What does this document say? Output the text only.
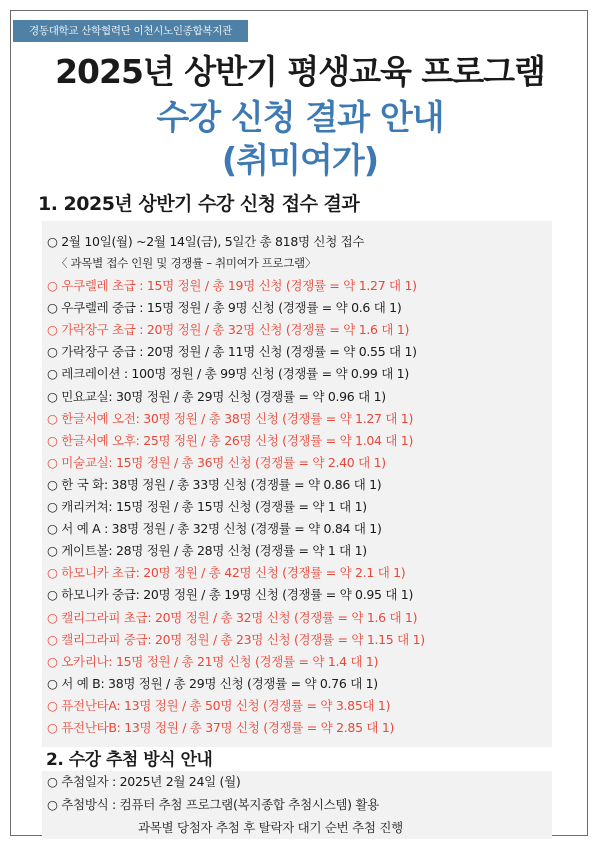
경동대학교 산학협력단 이천시노인종합복지관
2025년 상반기 평생교육 프로그램
수강 신청 결과 안내
(취미여가)
1. 2025년 상반기 수강 신청 접수 결과
○ 2월 10일(월) ~2월 14일(금), 5일간 총 818명 신청 접수
〈 과목별 접수 인원 및 경쟁률 – 취미여가 프로그램〉
○ 우쿠렐레 초급 : 15명 정원 / 총 19명 신청 (경쟁률 = 약 1.27 대 1)
○ 우쿠렐레 중급 : 15명 정원 / 총 9명 신청 (경쟁률 = 약 0.6 대 1)
○ 가락장구 초급 : 20명 정원 / 총 32명 신청 (경쟁률 = 약 1.6 대 1)
○ 가락장구 중급 : 20명 정원 / 총 11명 신청 (경쟁률 = 약 0.55 대 1)
○ 레크레이션 : 100명 정원 / 총 99명 신청 (경쟁률 = 약 0.99 대 1)
○ 민요교실: 30명 정원 / 총 29명 신청 (경쟁률 = 약 0.96 대 1)
○ 한글서예 오전: 30명 정원 / 총 38명 신청 (경쟁률 = 약 1.27 대 1)
○ 한글서예 오후: 25명 정원 / 총 26명 신청 (경쟁률 = 약 1.04 대 1)
○ 미술교실: 15명 정원 / 총 36명 신청 (경쟁률 = 약 2.40 대 1)
○ 한 국 화: 38명 정원 / 총 33명 신청 (경쟁률 = 약 0.86 대 1)
○ 캐리커쳐: 15명 정원 / 총 15명 신청 (경쟁률 = 약 1 대 1)
○ 서 예 A : 38명 정원 / 총 32명 신청 (경쟁률 = 약 0.84 대 1)
○ 게이트볼: 28명 정원 / 총 28명 신청 (경쟁률 = 약 1 대 1)
○ 하모니카 초급: 20명 정원 / 총 42명 신청 (경쟁률 = 약 2.1 대 1)
○ 하모니카 중급: 20명 정원 / 총 19명 신청 (경쟁률 = 약 0.95 대 1)
○ 캘리그라피 초급: 20명 정원 / 총 32명 신청 (경쟁률 = 약 1.6 대 1)
○ 캘리그라피 중급: 20명 정원 / 총 23명 신청 (경쟁률 = 약 1.15 대 1)
○ 오카리나: 15명 정원 / 총 21명 신청 (경쟁률 = 약 1.4 대 1)
○ 서 예 B: 38명 정원 / 총 29명 신청 (경쟁률 = 약 0.76 대 1)
○ 퓨전난타A: 13명 정원 / 총 50명 신청 (경쟁률 = 약 3.85대 1)
○ 퓨전난타B: 13명 정원 / 총 37명 신청 (경쟁률 = 약 2.85 대 1)
2. 수강 추첨 방식 안내
○ 추첨일자 : 2025년 2월 24일 (월)
○ 추첨방식 : 컴퓨터 추첨 프로그램(복지종합 추첨시스템) 활용
과목별 당첨자 추첨 후 탈락자 대기 순번 추첨 진행
